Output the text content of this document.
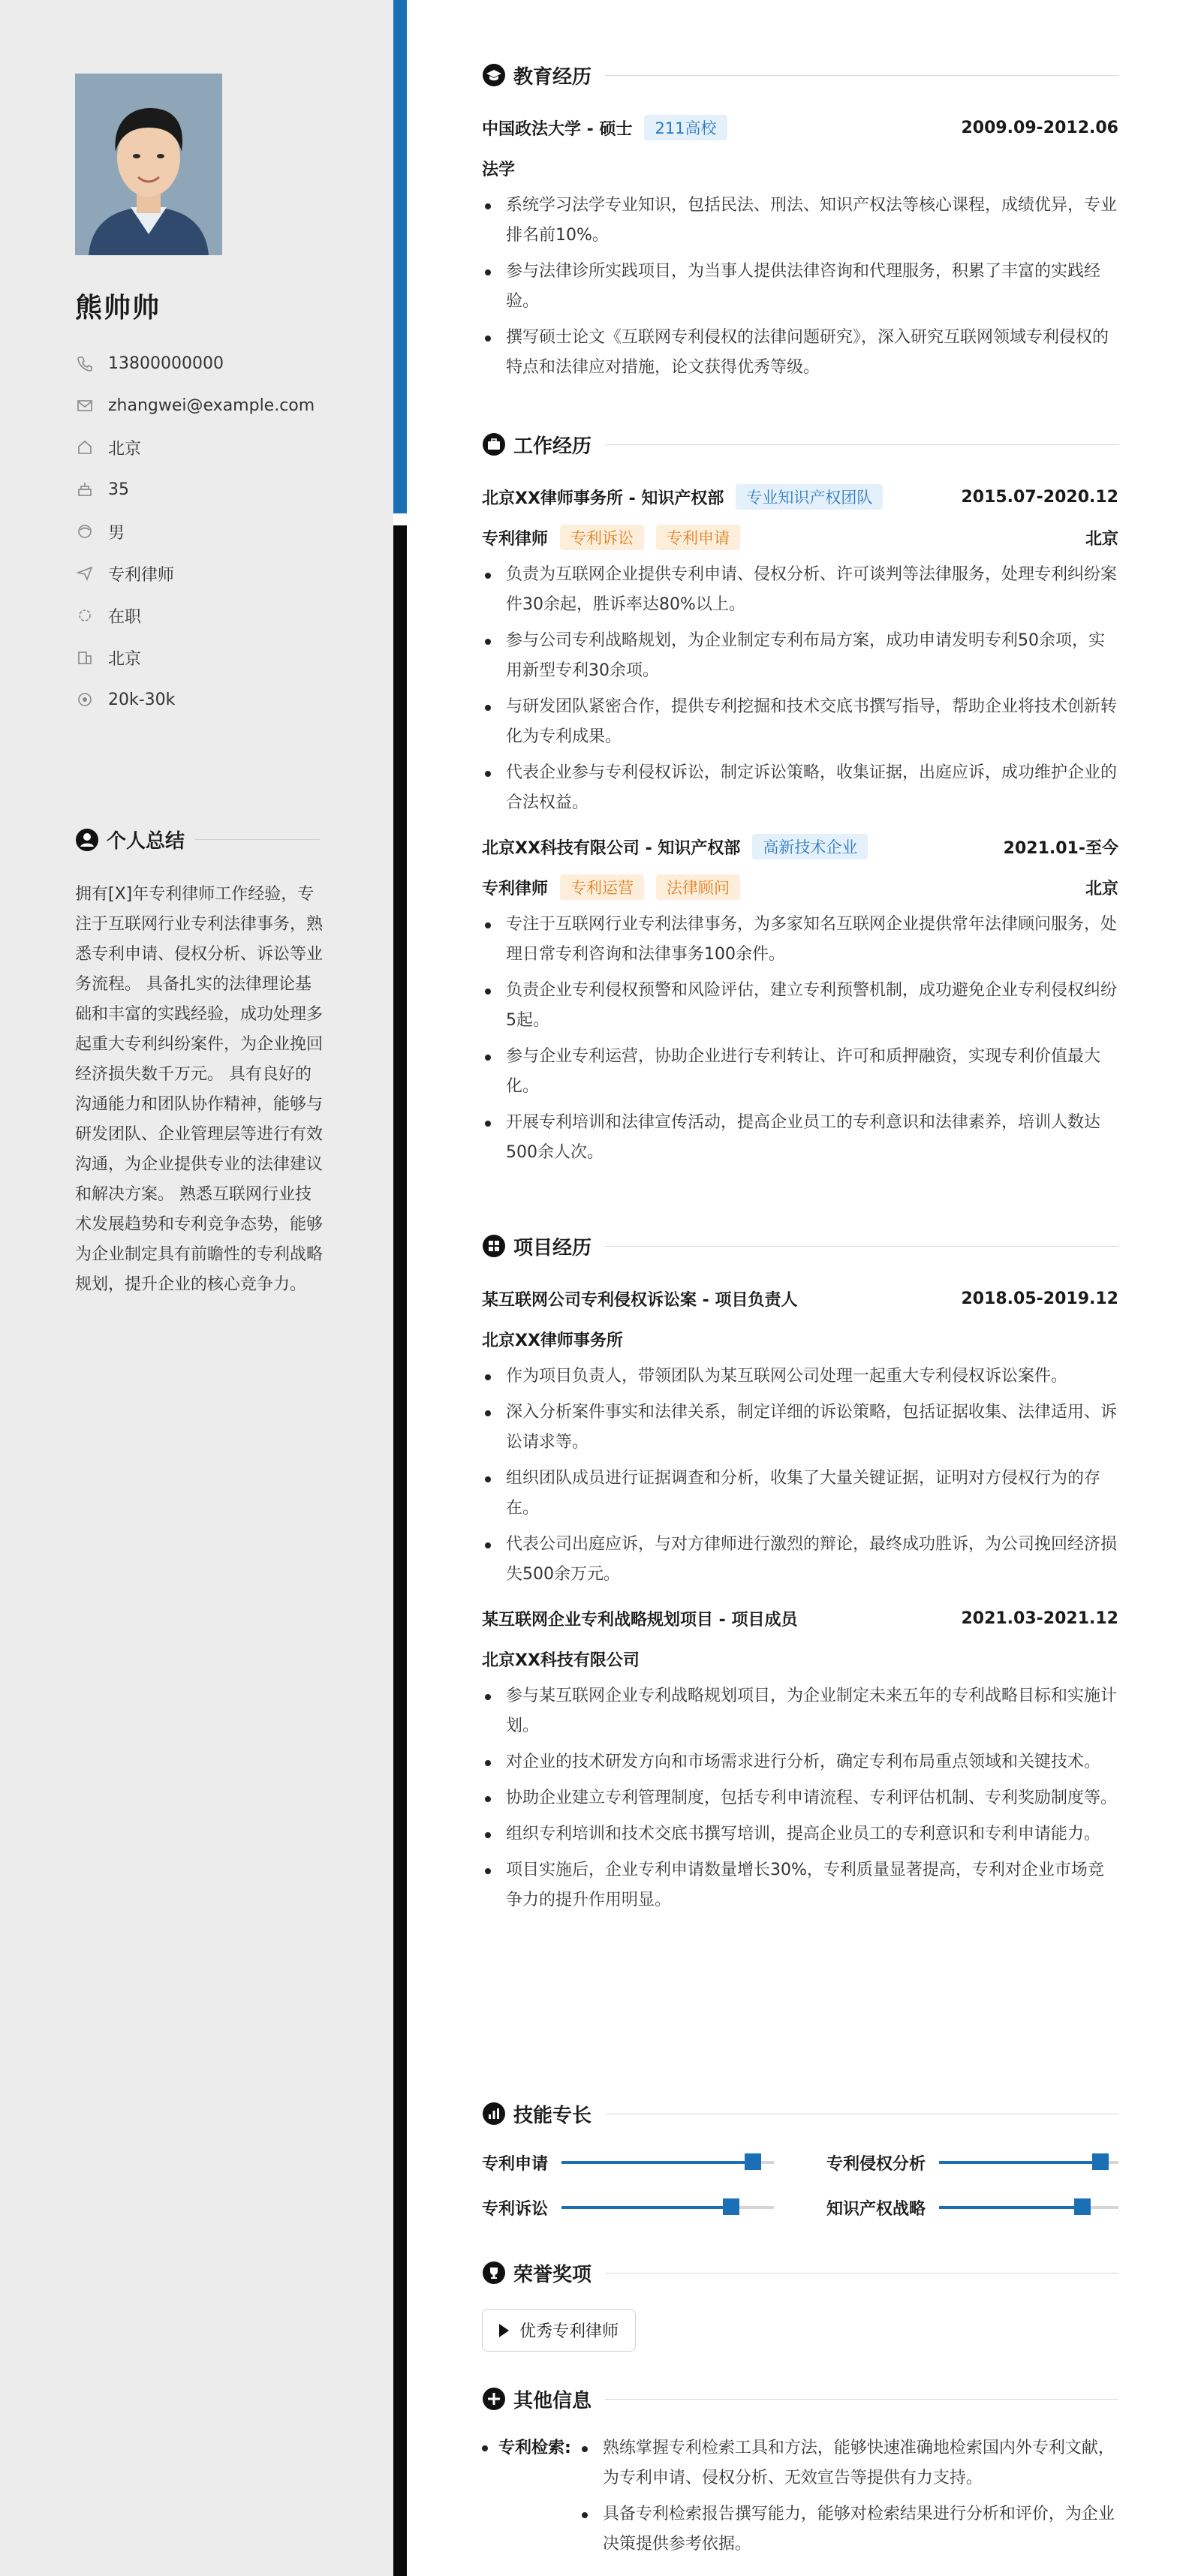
熊帅帅
13800000000
zhangwei@example.com
北京
35
男
专利律师
在职
北京
20k-30k
个人总结
拥有[X]年专利律师工作经验，专注于互联网行业专利法律事务，熟悉专利申请、侵权分析、诉讼等业务流程。 具备扎实的法律理论基础和丰富的实践经验，成功处理多起重大专利纠纷案件，为企业挽回经济损失数千万元。 具有良好的沟通能力和团队协作精神，能够与研发团队、企业管理层等进行有效沟通，为企业提供专业的法律建议和解决方案。 熟悉互联网行业技术发展趋势和专利竞争态势，能够为企业制定具有前瞻性的专利战略规划，提升企业的核心竞争力。
教育经历
中国政法大学 - 硕士	211高校	2009.09-2012.06
法学
系统学习法学专业知识，包括民法、刑法、知识产权法等核心课程，成绩优异，专业排名前10%。
参与法律诊所实践项目，为当事人提供法律咨询和代理服务，积累了丰富的实践经验。
撰写硕士论文《互联网专利侵权的法律问题研究》，深入研究互联网领域专利侵权的特点和法律应对措施，论文获得优秀等级。
工作经历
北京XX律师事务所 - 知识产权部	专业知识产权团队	2015.07-2020.12
专利律师	专利诉讼	专利申请	北京
负责为互联网企业提供专利申请、侵权分析、许可谈判等法律服务，处理专利纠纷案件30余起，胜诉率达80%以上。
参与公司专利战略规划，为企业制定专利布局方案，成功申请发明专利50余项，实用新型专利30余项。
与研发团队紧密合作，提供专利挖掘和技术交底书撰写指导，帮助企业将技术创新转化为专利成果。
代表企业参与专利侵权诉讼，制定诉讼策略，收集证据，出庭应诉，成功维护企业的合法权益。
北京XX科技有限公司 - 知识产权部	高新技术企业	2021.01-至今
专利律师	专利运营	法律顾问	北京
专注于互联网行业专利法律事务，为多家知名互联网企业提供常年法律顾问服务，处理日常专利咨询和法律事务100余件。
负责企业专利侵权预警和风险评估，建立专利预警机制，成功避免企业专利侵权纠纷5起。
参与企业专利运营，协助企业进行专利转让、许可和质押融资，实现专利价值最大化。
开展专利培训和法律宣传活动，提高企业员工的专利意识和法律素养，培训人数达500余人次。
项目经历
某互联网公司专利侵权诉讼案 - 项目负责人	2018.05-2019.12
北京XX律师事务所
作为项目负责人，带领团队为某互联网公司处理一起重大专利侵权诉讼案件。
深入分析案件事实和法律关系，制定详细的诉讼策略，包括证据收集、法律适用、诉讼请求等。
组织团队成员进行证据调查和分析，收集了大量关键证据，证明对方侵权行为的存在。
代表公司出庭应诉，与对方律师进行激烈的辩论，最终成功胜诉，为公司挽回经济损失500余万元。
某互联网企业专利战略规划项目 - 项目成员	2021.03-2021.12
北京XX科技有限公司
参与某互联网企业专利战略规划项目，为企业制定未来五年的专利战略目标和实施计划。
对企业的技术研发方向和市场需求进行分析，确定专利布局重点领域和关键技术。
协助企业建立专利管理制度，包括专利申请流程、专利评估机制、专利奖励制度等。
组织专利培训和技术交底书撰写培训，提高企业员工的专利意识和专利申请能力。
项目实施后，企业专利申请数量增长30%，专利质量显著提高，专利对企业市场竞争力的提升作用明显。
技能专长
专利申请	专利侵权分析
专利诉讼	知识产权战略
荣誉奖项
优秀专利律师
其他信息
专利检索:	熟练掌握专利检索工具和方法，能够快速准确地检索国内外专利文献，为专利申请、侵权分析、无效宣告等提供有力支持。
具备专利检索报告撰写能力，能够对检索结果进行分析和评价，为企业决策提供参考依据。
